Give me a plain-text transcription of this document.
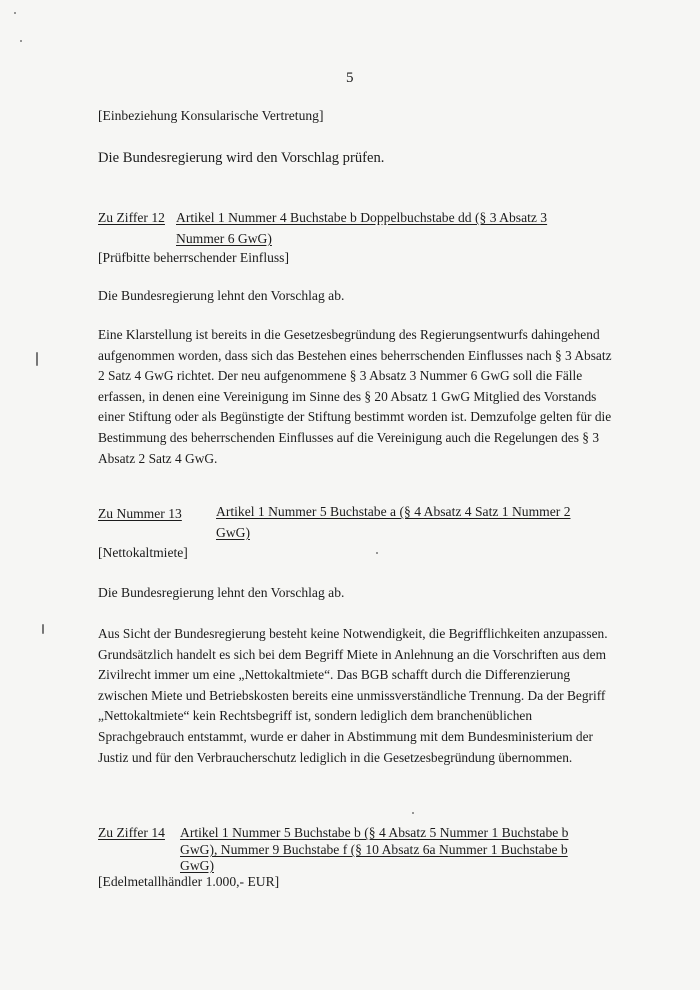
5
[Einbeziehung Konsularische Vertretung]
Die Bundesregierung wird den Vorschlag prüfen.
Zu Ziffer 12 Artikel 1 Nummer 4 Buchstabe b Doppelbuchstabe dd (§ 3 Absatz 3
Nummer 6 GwG)
[Prüfbitte beherrschender Einfluss]
Die Bundesregierung lehnt den Vorschlag ab.
Eine Klarstellung ist bereits in die Gesetzesbegründung des Regierungsentwurfs dahingehend aufgenommen worden, dass sich das Bestehen eines beherrschenden Einflusses nach § 3 Absatz 2 Satz 4 GwG richtet. Der neu aufgenommene § 3 Absatz 3 Nummer 6 GwG soll die Fälle erfassen, in denen eine Vereinigung im Sinne des § 20 Absatz 1 GwG Mitglied des Vorstands einer Stiftung oder als Begünstigte der Stiftung bestimmt worden ist. Demzufolge gelten für die Bestimmung des beherrschenden Einflusses auf die Vereinigung auch die Regelungen des § 3 Absatz 2 Satz 4 GwG.
Zu Nummer 13	Artikel 1 Nummer 5 Buchstabe a (§ 4 Absatz 4 Satz 1 Nummer 2
GwG)
[Nettokaltmiete]
Die Bundesregierung lehnt den Vorschlag ab.
Aus Sicht der Bundesregierung besteht keine Notwendigkeit, die Begrifflichkeiten anzupassen. Grundsätzlich handelt es sich bei dem Begriff Miete in Anlehnung an die Vorschriften aus dem Zivilrecht immer um eine „Nettokaltmiete“. Das BGB schafft durch die Differenzierung zwischen Miete und Betriebskosten bereits eine unmissverständliche Trennung. Da der Begriff „Nettokaltmiete“ kein Rechtsbegriff ist, sondern lediglich dem branchenüblichen Sprachgebrauch entstammt, wurde er daher in Abstimmung mit dem Bundesministerium der Justiz und für den Verbraucherschutz lediglich in die Gesetzesbegründung übernommen.
Zu Ziffer 14 Artikel 1 Nummer 5 Buchstabe b (§ 4 Absatz 5 Nummer 1 Buchstabe b
GwG), Nummer 9 Buchstabe f (§ 10 Absatz 6a Nummer 1 Buchstabe b
GwG)
[Edelmetallhändler 1.000,- EUR]
